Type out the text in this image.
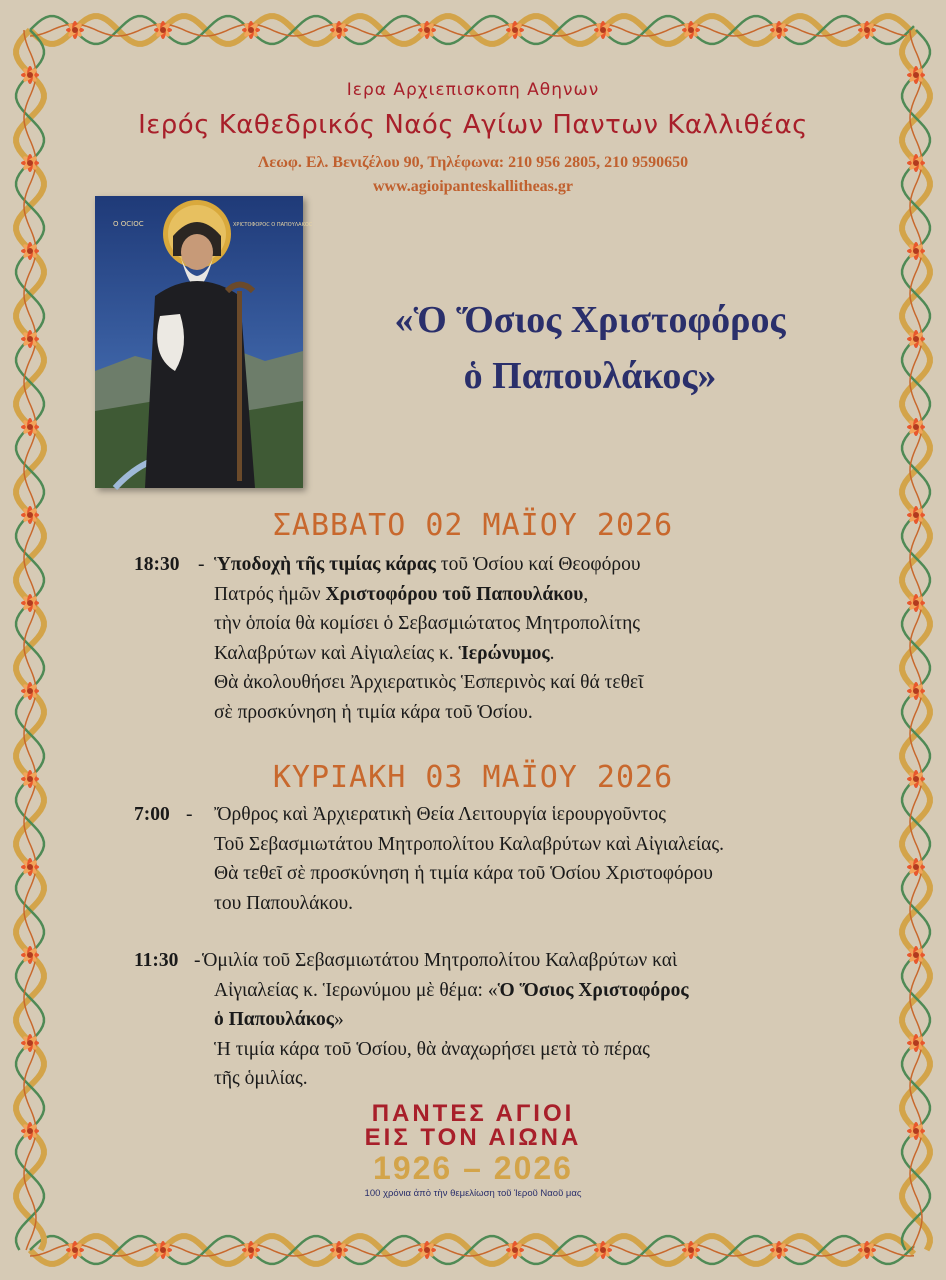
Ιερα Αρχιεπισκοπη Αθηνων

Ιερός Καθεδρικός Ναός Αγίων Παντων Καλλιθέας

Λεωφ. Ελ. Βενιζέλου 90, Τηλέφωνα: 210 956 2805, 210 9590650

www.agioipanteskallitheas.gr

Ο ΟCΙΟC	ΧΡΙCΤΟΦΟΡΟC Ο ΠΑΠΟΥΛΑΚΟC
«Ὁ Ὅσιος Χριστοφόρος
ὁ Παπουλάκος»
ΣΑΒΒΑΤΟ 02 ΜΑΪΟΥ 2026
18:30 - Ὑποδοχὴ τῆς τιμίας κάρας τοῦ Ὁσίου καί Θεοφόρου
Πατρός ἡμῶν Χριστοφόρου τοῦ Παπουλάκου,
τὴν ὁποία θὰ κομίσει ὁ Σεβασμιώτατος Μητροπολίτης
Καλαβρύτων καὶ Αἰγιαλείας κ. Ἱερώνυμος.
Θὰ ἀκολουθήσει Ἀρχιερατικὸς Ἑσπερινὸς καί θά τεθεῖ
σὲ προσκύνηση ἡ τιμία κάρα τοῦ Ὁσίου.
ΚΥΡΙΑΚΗ 03 ΜΑΪΟΥ 2026
7:00 - Ὄρθρος καὶ Ἀρχιερατικὴ Θεία Λειτουργία ἱερουργοῦντος
Τοῦ Σεβασμιωτάτου Μητροπολίτου Καλαβρύτων καὶ Αἰγιαλείας.
Θὰ τεθεῖ σὲ προσκύνηση ἡ τιμία κάρα τοῦ Ὁσίου Χριστοφόρου
του Παπουλάκου.
11:30 - Ὁμιλία τοῦ Σεβασμιωτάτου Μητροπολίτου Καλαβρύτων καὶ
Αἰγιαλείας κ. Ἱερωνύμου μὲ θέμα: «Ὁ Ὅσιος Χριστοφόρος
ὁ Παπουλάκος»
Ἡ τιμία κάρα τοῦ Ὁσίου, θὰ ἀναχωρήσει μετὰ τὸ πέρας
τῆς ὁμιλίας.
ΠΑΝΤΕΣ ΑΓΙΟΙ
ΕΙΣ ΤΟΝ ΑΙΩΝΑ
1926 – 2026
100 χρόνια ἀπὸ τὴν θεμελίωση τοῦ Ἱεροῦ Ναοῦ μας
